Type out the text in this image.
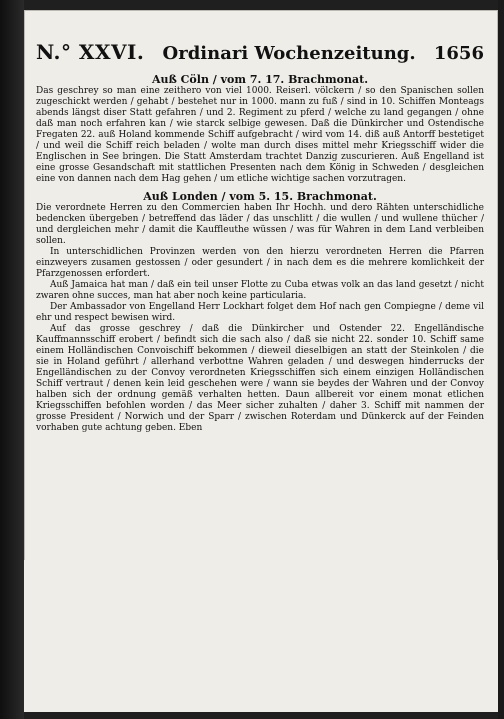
N.° XXVI. Ordinari Wochenzeitung. 1656
Auß Cöln / vom 7. 17. Brachmonat.

Das geschrey so man eine zeithero von viel 1000. Reiserl. völckern / so den Spanischen sollen zugeschickt werden / gehabt / bestehet nur in 1000. mann zu fuß / sind in 10. Schiffen Monteags abends längst diser Statt gefahren / und 2. Regiment zu pferd / welche zu land gegangen / ohne daß man noch erfahren kan / wie starck selbige gewesen. Daß die Dünkircher und Ostendische Fregaten 22. auß Holand kommende Schiff aufgebracht / wird vom 14. diß auß Antorff bestetiget / und weil die Schiff reich beladen / wolte man durch dises mittel mehr Kriegsschiff wider die Englischen in See bringen. Die Statt Amsterdam trachtet Danzig zuscurieren. Auß Engelland ist eine grosse Gesandschaft mit stattlichen Presenten nach dem König in Schweden / desgleichen eine von dannen nach dem Hag gehen / um etliche wichtige sachen vorzutragen.

Auß Londen / vom 5. 15. Brachmonat.

Die verordnete Herren zu den Commercien haben Ihr Hochh. und dero Rähten unterschidliche bedencken übergeben / betreffend das läder / das unschlitt / die wullen / und wullene thücher / und dergleichen mehr / damit die Kauffleuthe wüssen / was für Wahren in dem Land verbleiben sollen.

In unterschidlichen Provinzen werden von den hierzu verordneten Herren die Pfarren einzweyers zusamen gestossen / oder gesundert / in nach dem es die mehrere komlichkeit der Pfarzgenossen erfordert.

Auß Jamaica hat man / daß ein teil unser Flotte zu Cuba etwas volk an das land gesetzt / nicht zwaren ohne succes, man hat aber noch keine particularia.

Der Ambassador von Engelland Herr Lockhart folget dem Hof nach gen Compiegne / deme vil ehr und respect bewisen wird.

Auf das grosse geschrey / daß die Dünkircher und Ostender 22. Engelländische Kauffmannsschiff erobert / befindt sich die sach also / daß sie nicht 22. sonder 10. Schiff same einem Holländischen Convoischiff bekommen / dieweil dieselbigen an statt der Steinkolen / die sie in Holand geführt / allerhand verbottne Wahren geladen / und deswegen hinderrucks der Engelländischen zu der Convoy verordneten Kriegsschiffen sich einem einzigen Holländischen Schiff vertraut / denen kein leid geschehen were / wann sie beydes der Wahren und der Convoy halben sich der ordnung gemäß verhalten hetten. Daun allbereit vor einem monat etlichen Kriegsschiffen befohlen worden / das Meer sicher zuhalten / daher 3. Schiff mit nammen der grosse President / Norwich und der Sparr / zwischen Roterdam und Dünkerck auf der Feinden vorhaben gute achtung geben. Eben
